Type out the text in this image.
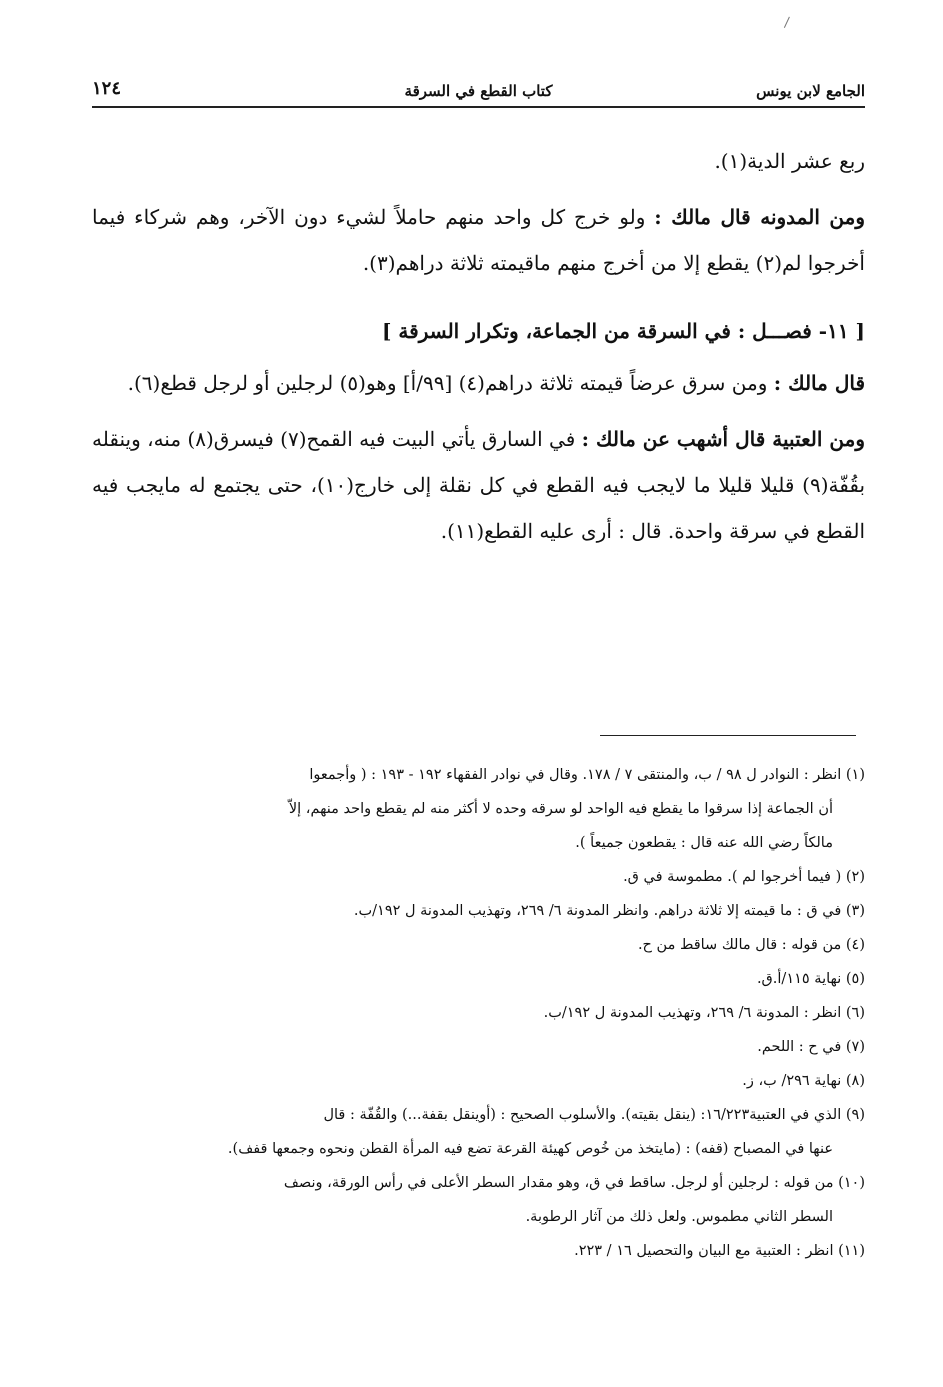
الجامع لابن يونس
كتاب القطع في السرقة
١٢٤

ربع عشر الدية(١).

ومن المدونه قال مالك : ولو خرج كل واحد منهم حاملاً لشيء دون الآخر، وهم شركاء فيما أخرجوا لم(٢) يقطع إلا من أخرج منهم ماقيمته ثلاثة دراهم(٣).

[ ١١- فصـــل : في السرقة من الجماعة، وتكرار السرقة ]

قال مالك : ومن سرق عرضاً قيمته ثلاثة دراهم(٤) [٩٩/أ] وهو(٥) لرجلين أو لرجل قطع(٦).

ومن العتبية قال أشهب عن مالك : في السارق يأتي البيت فيه القمح(٧) فيسرق(٨) منه، وينقله بقُفّة(٩) قليلا قليلا ما لايجب فيه القطع في كل نقلة إلى خارج(١٠)، حتى يجتمع له مايجب فيه القطع في سرقة واحدة. قال : أرى عليه القطع(١١).

(١) انظر : النوادر ل ٩٨ / ب، والمنتقى ٧ / ١٧٨. وقال في نوادر الفقهاء ١٩٢ - ١٩٣ : ( وأجمعوا

أن الجماعة إذا سرقوا ما يقطع فيه الواحد لو سرقه وحده لا أكثر منه لم يقطع واحد منهم، إلاّ

مالكاً رضي الله عنه قال : يقطعون جميعاً ).

(٢) ( فيما أخرجوا لم ). مطموسة في ق.

(٣) في ق : ما قيمته إلا ثلاثة دراهم. وانظر المدونة ٦/ ٢٦٩، وتهذيب المدونة ل ١٩٢/ب.

(٤) من قوله : قال مالك ساقط من ح.

(٥) نهاية ١١٥/أ.ق.

(٦) انظر : المدونة ٦/ ٢٦٩، وتهذيب المدونة ل ١٩٢/ب.

(٧) في ح : اللحم.

(٨) نهاية ٢٩٦/ ب، ز.

(٩) الذي في العتبية١٦/٢٢٣: (ينقل بقيته). والأسلوب الصحيح : (أوينقل بقفة...) والقُفّة : قال

عنها في المصباح (قفه) : (مايتخذ من خُوص كهيئة القرعة تضع فيه المرأة القطن ونحوه وجمعها قفف).

(١٠) من قوله : لرجلين أو لرجل. ساقط في ق، وهو مقدار السطر الأعلى في رأس الورقة، ونصف

السطر الثاني مطموس. ولعل ذلك من آثار الرطوبة.

(١١) انظر : العتبية مع البيان والتحصيل ١٦ / ٢٢٣.
